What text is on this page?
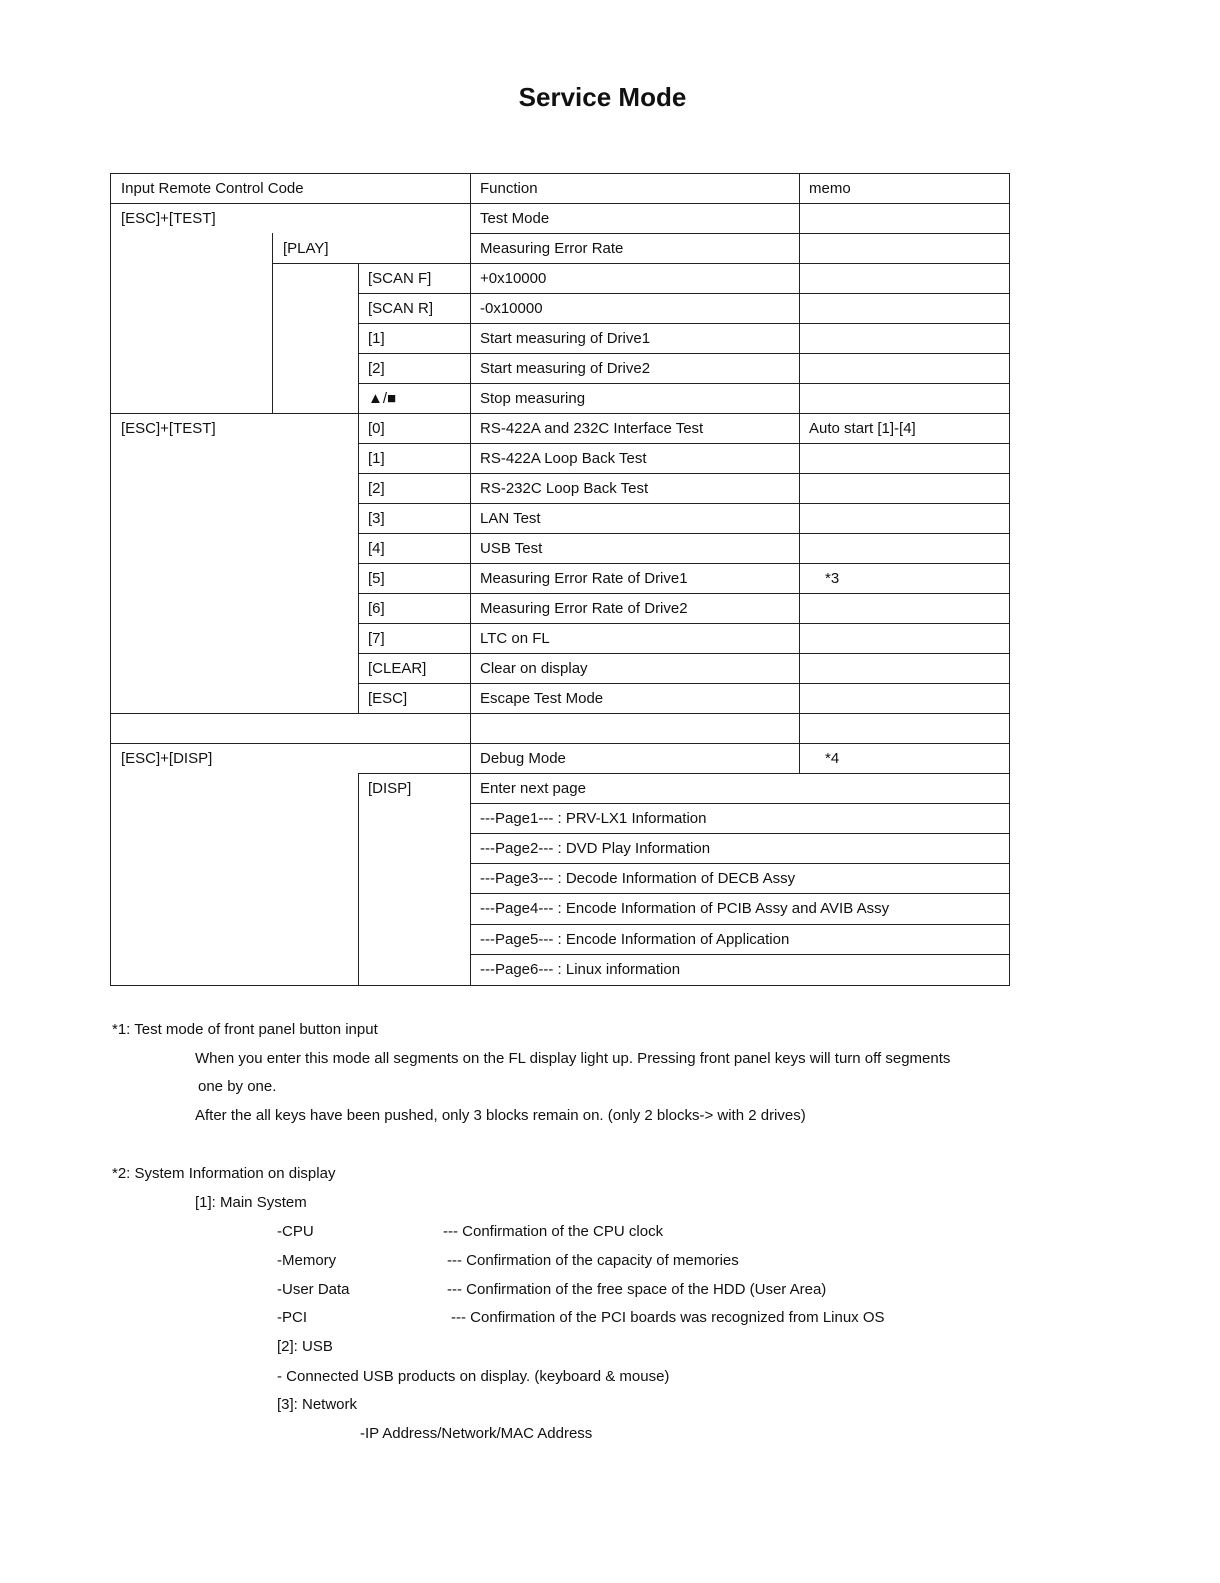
Service Mode
Input Remote Control Code	Function	memo
[ESC]+[TEST]	Test Mode
[PLAY]	Measuring Error Rate
[SCAN F]	+0x10000
[SCAN R]	-0x10000
[1]	Start measuring of Drive1
[2]	Start measuring of Drive2
▲/■	Stop measuring
[ESC]+[TEST]	[0]	RS-422A and 232C Interface Test	Auto start [1]-[4]
[1]	RS-422A Loop Back Test
[2]	RS-232C Loop Back Test
[3]	LAN Test
[4]	USB Test
[5]	Measuring Error Rate of Drive1	*3
[6]	Measuring Error Rate of Drive2
[7]	LTC on FL
[CLEAR]	Clear on display
[ESC]	Escape Test Mode
[ESC]+[DISP]	Debug Mode	*4
[DISP]	Enter next page
---Page1--- : PRV-LX1 Information
---Page2--- : DVD Play Information
---Page3--- : Decode Information of DECB Assy
---Page4--- : Encode Information of PCIB Assy and AVIB Assy
---Page5--- : Encode Information of Application
---Page6--- : Linux information
*1: Test mode of front panel button input
When you enter this mode all segments on the FL display light up. Pressing front panel keys will turn off segments
one by one.
After the all keys have been pushed, only 3 blocks remain on. (only 2 blocks-> with 2 drives)
*2: System Information on display
[1]: Main System
-CPU	--- Confirmation of the CPU clock
-Memory	--- Confirmation of the capacity of memories
-User Data	--- Confirmation of the free space of the HDD (User Area)
-PCI	--- Confirmation of the PCI boards was recognized from Linux OS
[2]: USB
- Connected USB products on display. (keyboard & mouse)
[3]: Network
-IP Address/Network/MAC Address
